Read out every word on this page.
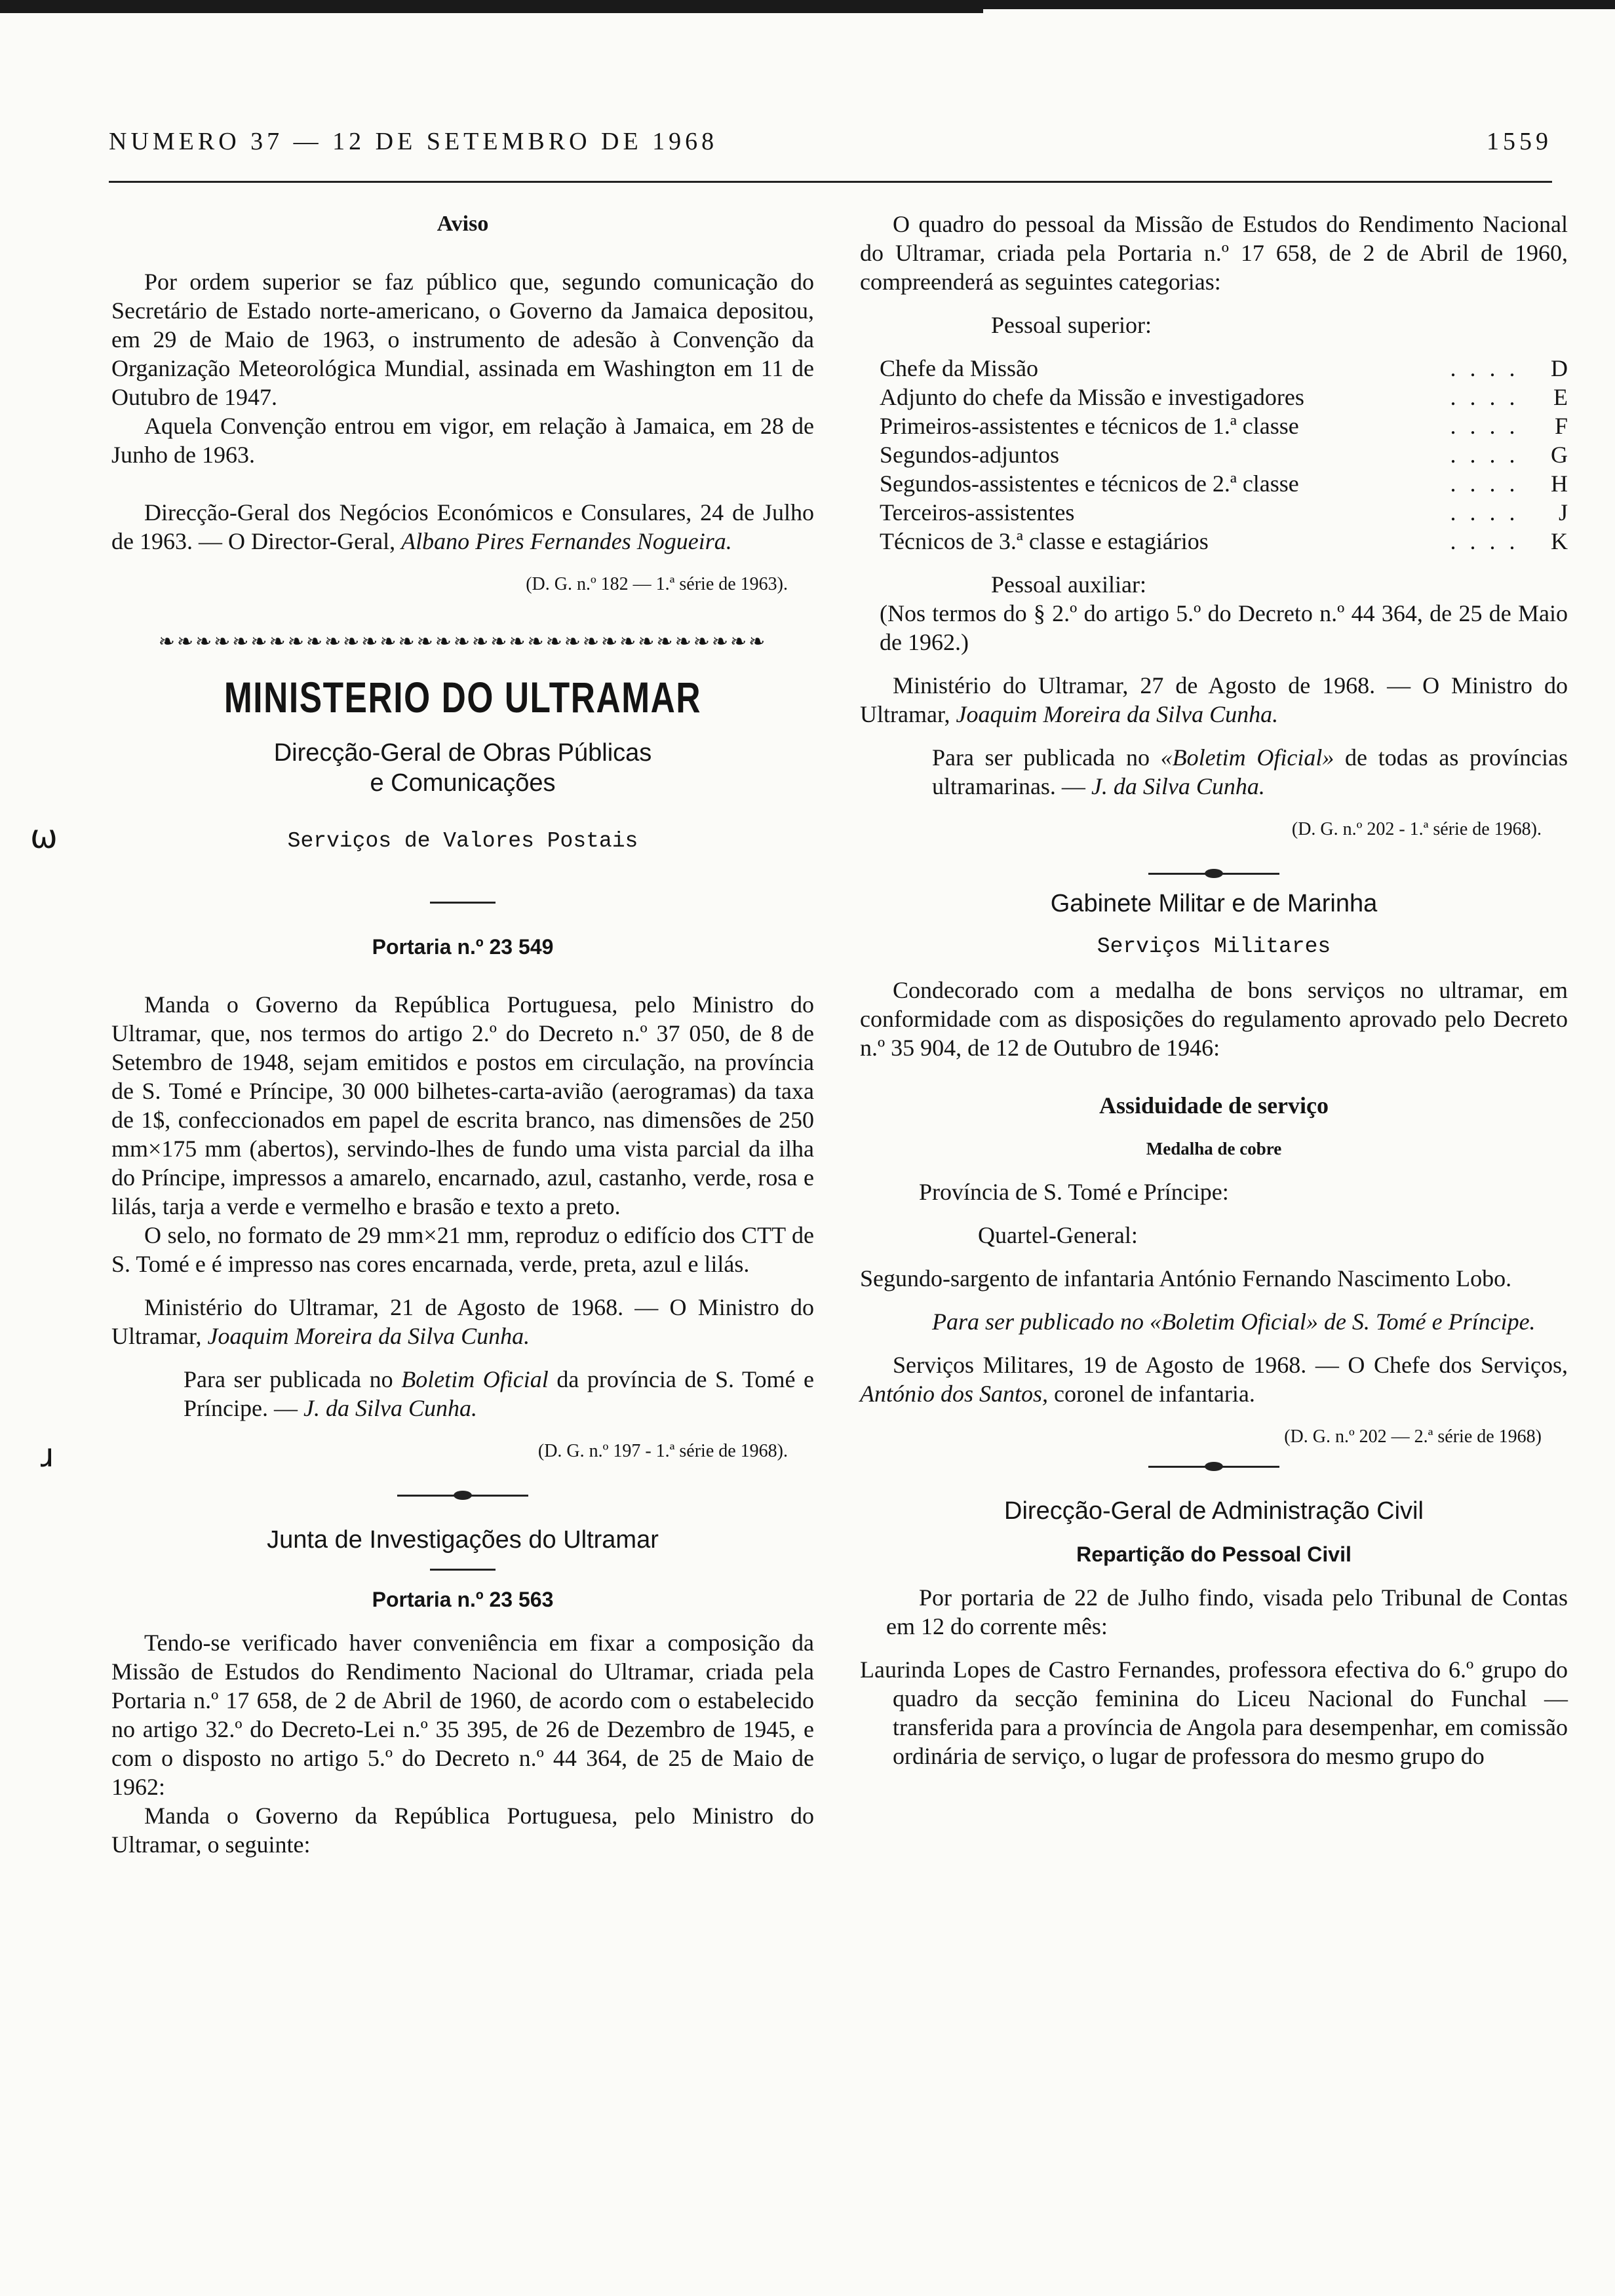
NUMERO 37 — 12 DE SETEMBRO DE 1968	1559
ѡ
ɹ

Aviso

Por ordem superior se faz público que, segundo comunicação do Secretário de Estado norte-americano, o Governo da Jamaica depositou, em 29 de Maio de 1963, o instrumento de adesão à Convenção da Organização Meteorológica Mundial, assinada em Washington em 11 de Outubro de 1947.

Aquela Convenção entrou em vigor, em relação à Jamaica, em 28 de Junho de 1963.

Direcção-Geral dos Negócios Económicos e Consulares, 24 de Julho de 1963. — O Director-Geral, Albano Pires Fernandes Nogueira.

(D. G. n.º 182 — 1.ª série de 1963).

❧❧❧❧❧❧❧❧❧❧❧❧❧❧❧❧❧❧❧❧❧❧❧❧❧❧❧❧❧❧❧❧❧

MINISTERIO DO ULTRAMAR

Direcção-Geral de Obras Públicas
e Comunicações

Serviços de Valores Postais

Portaria n.º 23 549

Manda o Governo da República Portuguesa, pelo Ministro do Ultramar, que, nos termos do artigo 2.º do Decreto n.º 37 050, de 8 de Setembro de 1948, sejam emitidos e postos em circulação, na província de S. Tomé e Príncipe, 30 000 bilhetes-carta-avião (aerogramas) da taxa de 1$, confeccionados em papel de escrita branco, nas dimensões de 250 mm×175 mm (abertos), servindo-lhes de fundo uma vista parcial da ilha do Príncipe, impressos a amarelo, encarnado, azul, castanho, verde, rosa e lilás, tarja a verde e vermelho e brasão e texto a preto.

O selo, no formato de 29 mm×21 mm, reproduz o edifício dos CTT de S. Tomé e é impresso nas cores encarnada, verde, preta, azul e lilás.

Ministério do Ultramar, 21 de Agosto de 1968. — O Ministro do Ultramar, Joaquim Moreira da Silva Cunha.

Para ser publicada no Boletim Oficial da província de S. Tomé e Príncipe. — J. da Silva Cunha.

(D. G. n.º 197 - 1.ª série de 1968).

Junta de Investigações do Ultramar

Portaria n.º 23 563

Tendo-se verificado haver conveniência em fixar a composição da Missão de Estudos do Rendimento Nacional do Ultramar, criada pela Portaria n.º 17 658, de 2 de Abril de 1960, de acordo com o estabelecido no artigo 32.º do Decreto-Lei n.º 35 395, de 26 de Dezembro de 1945, e com o disposto no artigo 5.º do Decreto n.º 44 364, de 25 de Maio de 1962:

Manda o Governo da República Portuguesa, pelo Ministro do Ultramar, o seguinte:

O quadro do pessoal da Missão de Estudos do Rendimento Nacional do Ultramar, criada pela Portaria n.º 17 658, de 2 de Abril de 1960, compreenderá as seguintes categorias:

Pessoal superior:

Chefe da Missão	. . . .	D
Adjunto do chefe da Missão e investigadores	. . . .	E
Primeiros-assistentes e técnicos de 1.ª classe	. . . .	F
Segundos-adjuntos	. . . .	G
Segundos-assistentes e técnicos de 2.ª classe	. . . .	H
Terceiros-assistentes	. . . .	J
Técnicos de 3.ª classe e estagiários	. . . .	K

Pessoal auxiliar:

(Nos termos do § 2.º do artigo 5.º do Decreto n.º 44 364, de 25 de Maio de 1962.)

Ministério do Ultramar, 27 de Agosto de 1968. — O Ministro do Ultramar, Joaquim Moreira da Silva Cunha.

Para ser publicada no «Boletim Oficial» de todas as províncias ultramarinas. — J. da Silva Cunha.

(D. G. n.º 202 - 1.ª série de 1968).

Gabinete Militar e de Marinha

Serviços Militares

Condecorado com a medalha de bons serviços no ultramar, em conformidade com as disposições do regulamento aprovado pelo Decreto n.º 35 904, de 12 de Outubro de 1946:

Assiduidade de serviço

Medalha de cobre

Província de S. Tomé e Príncipe:

Quartel-General:

Segundo-sargento de infantaria António Fernando Nascimento Lobo.

Para ser publicado no «Boletim Oficial» de S. Tomé e Príncipe.

Serviços Militares, 19 de Agosto de 1968. — O Chefe dos Serviços, António dos Santos, coronel de infantaria.

(D. G. n.º 202 — 2.ª série de 1968)

Direcção-Geral de Administração Civil

Repartição do Pessoal Civil

Por portaria de 22 de Julho findo, visada pelo Tribunal de Contas em 12 do corrente mês:

Laurinda Lopes de Castro Fernandes, professora efectiva do 6.º grupo do quadro da secção feminina do Liceu Nacional do Funchal — transferida para a província de Angola para desempenhar, em comissão ordinária de serviço, o lugar de professora do mesmo grupo do
